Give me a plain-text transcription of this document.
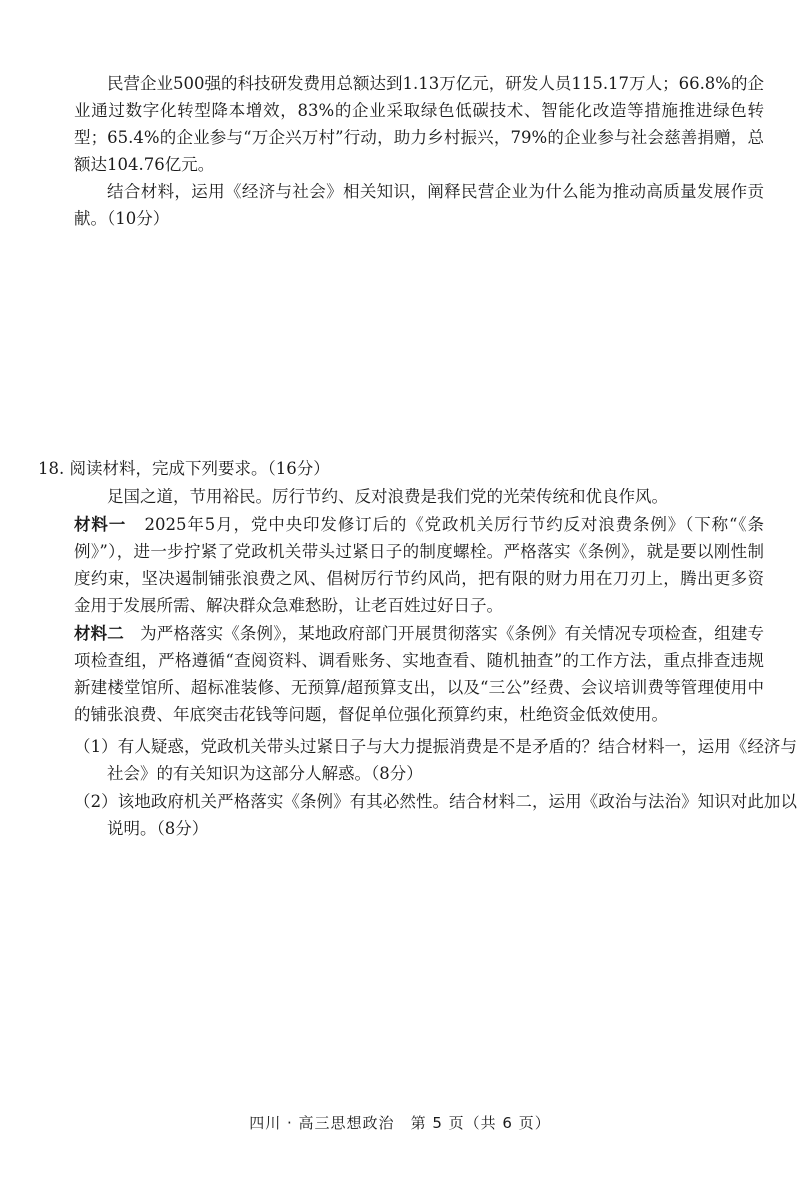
民营企业500强的科技研发费用总额达到1.13万亿元，研发人员115.17万人；66.8%的企业通过数字化转型降本增效，83%的企业采取绿色低碳技术、智能化改造等措施推进绿色转型；65.4%的企业参与“万企兴万村”行动，助力乡村振兴，79%的企业参与社会慈善捐赠，总额达104.76亿元。

结合材料，运用《经济与社会》相关知识，阐释民营企业为什么能为推动高质量发展作贡献。（10分）

18. 阅读材料，完成下列要求。（16分）

足国之道，节用裕民。厉行节约、反对浪费是我们党的光荣传统和优良作风。

材料一 2025年5月，党中央印发修订后的《党政机关厉行节约反对浪费条例》（下称“《条例》”），进一步拧紧了党政机关带头过紧日子的制度螺栓。严格落实《条例》，就是要以刚性制度约束，坚决遏制铺张浪费之风、倡树厉行节约风尚，把有限的财力用在刀刃上，腾出更多资金用于发展所需、解决群众急难愁盼，让老百姓过好日子。

材料二 为严格落实《条例》，某地政府部门开展贯彻落实《条例》有关情况专项检查，组建专项检查组，严格遵循“查阅资料、调看账务、实地查看、随机抽查”的工作方法，重点排查违规新建楼堂馆所、超标准装修、无预算/超预算支出，以及“三公”经费、会议培训费等管理使用中的铺张浪费、年底突击花钱等问题，督促单位强化预算约束，杜绝资金低效使用。

（1）有人疑惑，党政机关带头过紧日子与大力提振消费是不是矛盾的？结合材料一，运用《经济与社会》的有关知识为这部分人解惑。（8分）

（2）该地政府机关严格落实《条例》有其必然性。结合材料二，运用《政治与法治》知识对此加以说明。（8分）

四川 · 高三思想政治 第 5 页（共 6 页）
